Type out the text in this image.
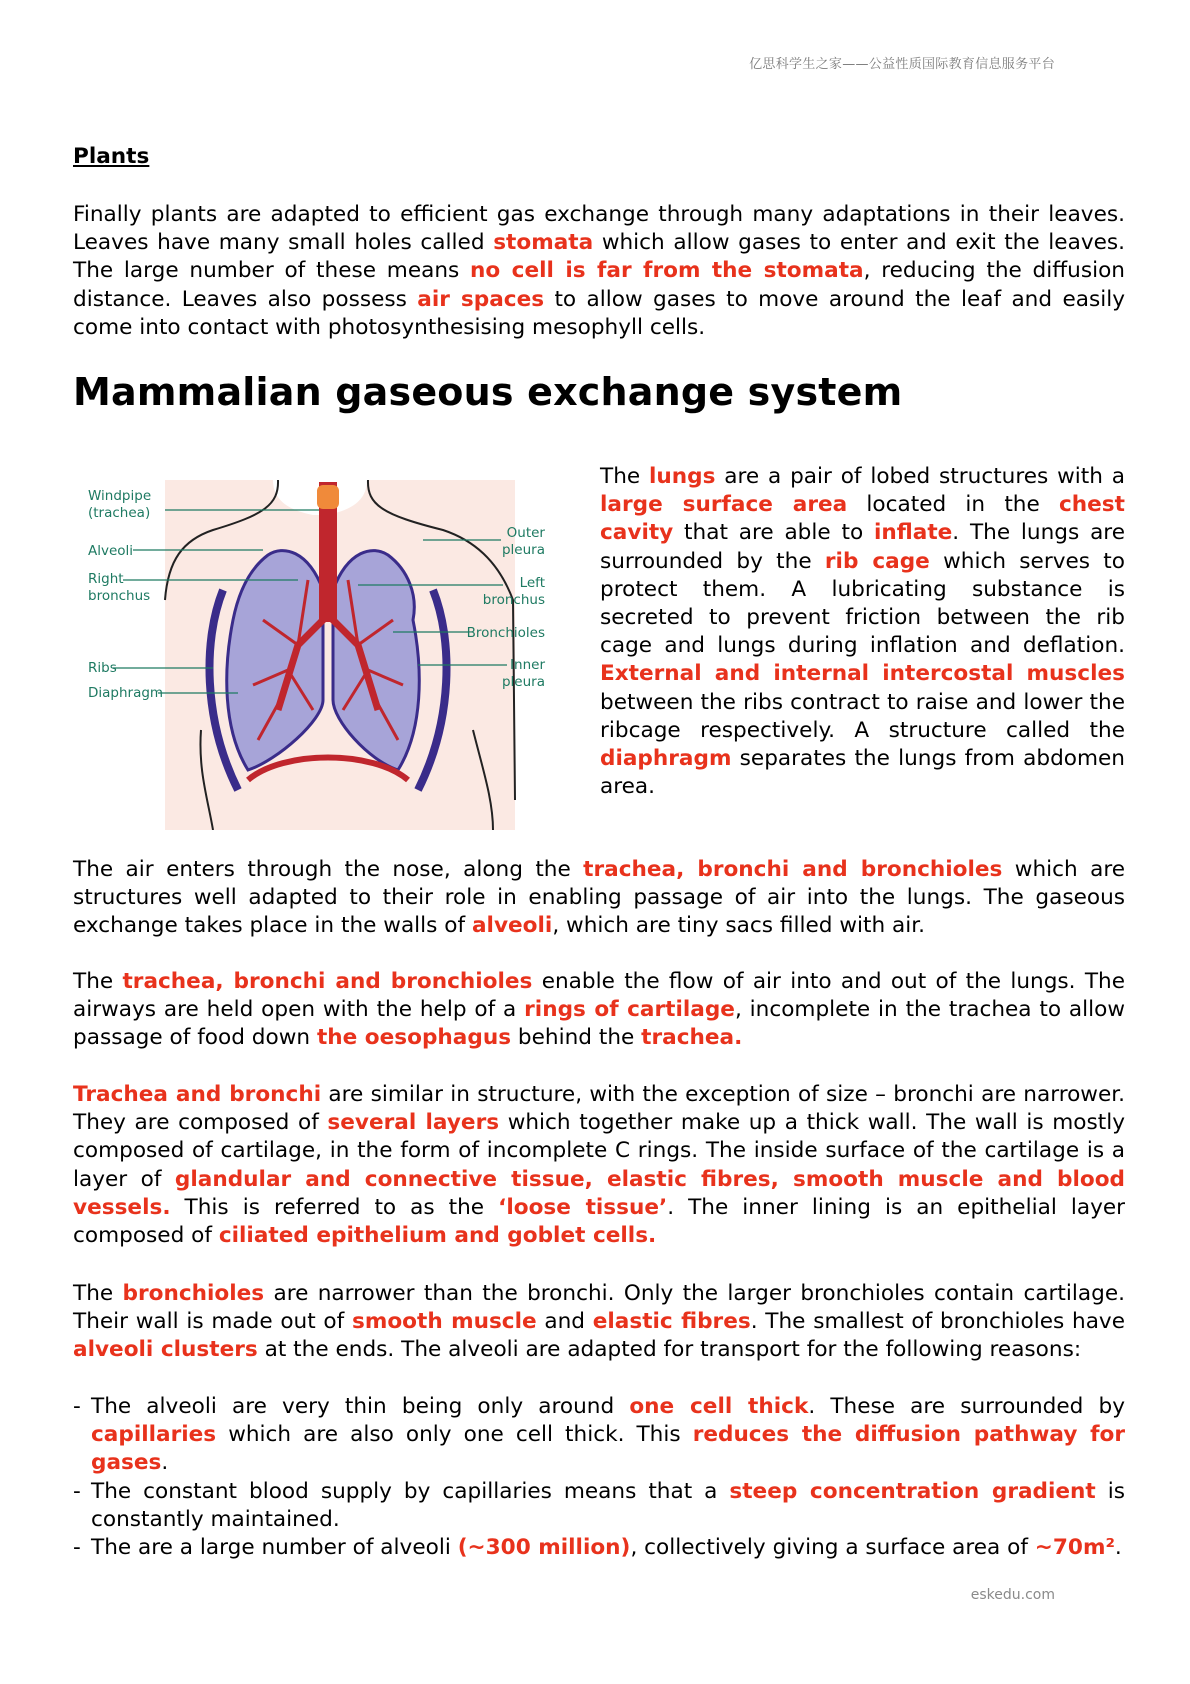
亿思科学生之家——公益性质国际教育信息服务平台
Plants

Finally plants are adapted to efficient gas exchange through many adaptations in their leaves. Leaves have many small holes called stomata which allow gases to enter and exit the leaves. The large number of these means no cell is far from the stomata, reducing the diffusion distance. Leaves also possess air spaces to allow gases to move around the leaf and easily come into contact with photosynthesising mesophyll cells.

Mammalian gaseous exchange system
Windpipe
(trachea)
Alveoli
Right
bronchus
Ribs
Diaphragm
Outer
pleura
Left
bronchus
Bronchioles
Inner
pleura

The lungs are a pair of lobed structures with a large surface area located in the chest cavity that are able to inflate. The lungs are surrounded by the rib cage which serves to protect them. A lubricating substance is secreted to prevent friction between the rib cage and lungs during inflation and deflation. External and internal intercostal muscles between the ribs contract to raise and lower the ribcage respectively. A structure called the diaphragm separates the lungs from abdomen area.

The air enters through the nose, along the trachea, bronchi and bronchioles which are structures well adapted to their role in enabling passage of air into the lungs. The gaseous exchange takes place in the walls of alveoli, which are tiny sacs filled with air.

The trachea, bronchi and bronchioles enable the flow of air into and out of the lungs. The airways are held open with the help of a rings of cartilage, incomplete in the trachea to allow passage of food down the oesophagus behind the trachea.

Trachea and bronchi are similar in structure, with the exception of size – bronchi are narrower. They are composed of several layers which together make up a thick wall. The wall is mostly composed of cartilage, in the form of incomplete C rings. The inside surface of the cartilage is a layer of glandular and connective tissue, elastic fibres, smooth muscle and blood vessels. This is referred to as the ‘loose tissue’. The inner lining is an epithelial layer composed of ciliated epithelium and goblet cells.

The bronchioles are narrower than the bronchi. Only the larger bronchioles contain cartilage. Their wall is made out of smooth muscle and elastic fibres. The smallest of bronchioles have alveoli clusters at the ends. The alveoli are adapted for transport for the following reasons:

- The alveoli are very thin being only around one cell thick. These are surrounded by capillaries which are also only one cell thick. This reduces the diffusion pathway for gases.
- The constant blood supply by capillaries means that a steep concentration gradient is constantly maintained.
- The are a large number of alveoli (~300 million), collectively giving a surface area of ~70m².
eskedu.com
